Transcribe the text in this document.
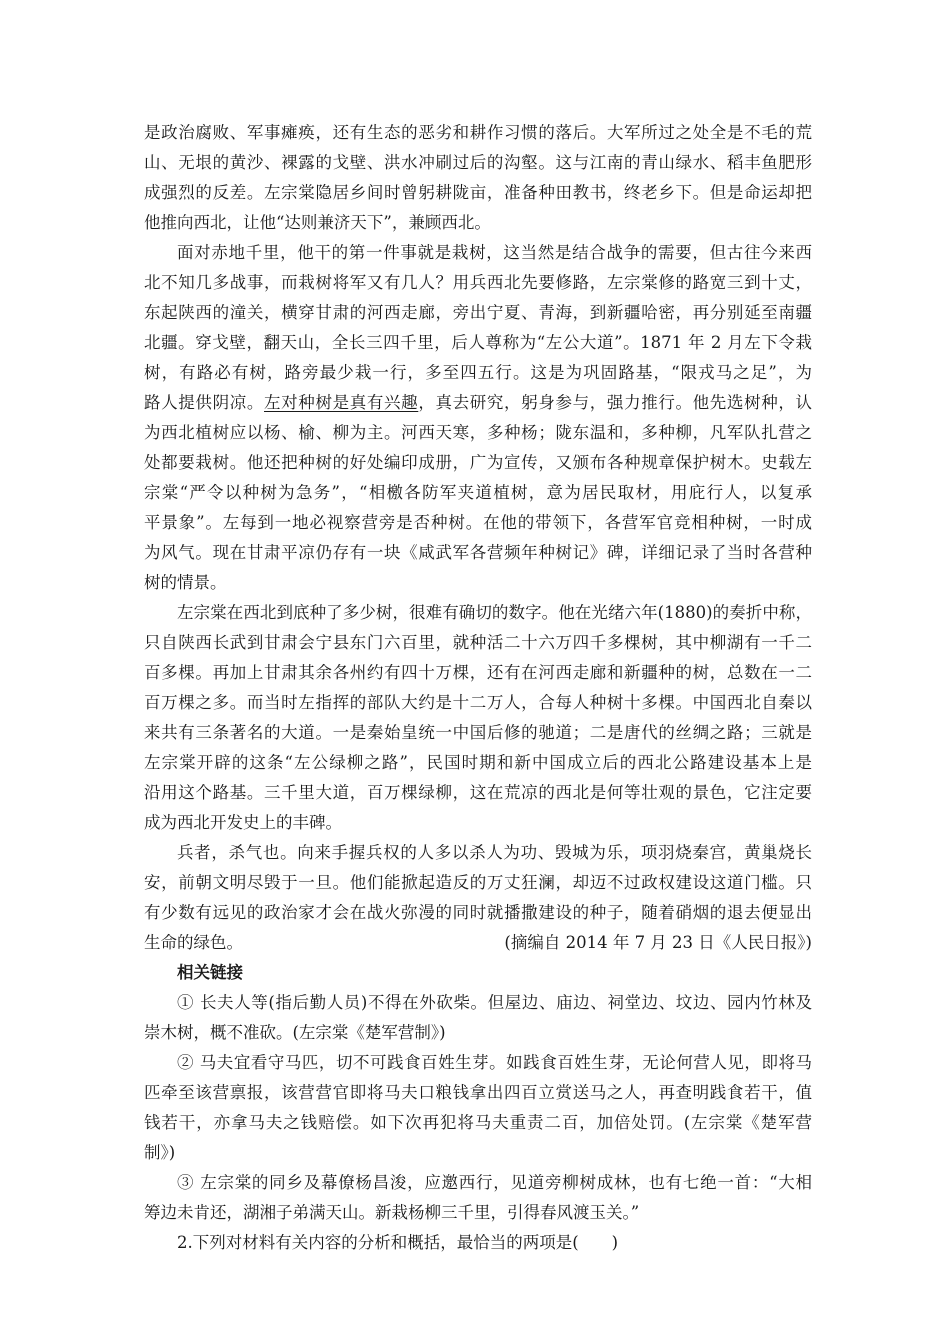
是政治腐败、军事瘫痪，还有生态的恶劣和耕作习惯的落后。大军所过之处全是不毛的荒
山、无垠的黄沙、裸露的戈壁、洪水冲刷过后的沟壑。这与江南的青山绿水、稻丰鱼肥形
成强烈的反差。左宗棠隐居乡间时曾躬耕陇亩，准备种田教书，终老乡下。但是命运却把
他推向西北，让他“达则兼济天下”，兼顾西北。
面对赤地千里，他干的第一件事就是栽树，这当然是结合战争的需要，但古往今来西
北不知几多战事，而栽树将军又有几人？用兵西北先要修路，左宗棠修的路宽三到十丈，
东起陕西的潼关，横穿甘肃的河西走廊，旁出宁夏、青海，到新疆哈密，再分别延至南疆
北疆。穿戈壁，翻天山，全长三四千里，后人尊称为“左公大道”。1871 年 2 月左下令栽
树，有路必有树，路旁最少栽一行，多至四五行。这是为巩固路基，“限戎马之足”，为
路人提供阴凉。左对种树是真有兴趣，真去研究，躬身参与，强力推行。他先选树种，认
为西北植树应以杨、榆、柳为主。河西天寒，多种杨；陇东温和，多种柳，凡军队扎营之
处都要栽树。他还把种树的好处编印成册，广为宣传，又颁布各种规章保护树木。史载左
宗棠“严令以种树为急务”，“相檄各防军夹道植树，意为居民取材，用庇行人，以复承
平景象”。左每到一地必视察营旁是否种树。在他的带领下，各营军官竞相种树，一时成
为风气。现在甘肃平凉仍存有一块《咸武军各营频年种树记》碑，详细记录了当时各营种
树的情景。
左宗棠在西北到底种了多少树，很难有确切的数字。他在光绪六年(1880)的奏折中称，
只自陕西长武到甘肃会宁县东门六百里，就种活二十六万四千多棵树，其中柳湖有一千二
百多棵。再加上甘肃其余各州约有四十万棵，还有在河西走廊和新疆种的树，总数在一二
百万棵之多。而当时左指挥的部队大约是十二万人，合每人种树十多棵。中国西北自秦以
来共有三条著名的大道。一是秦始皇统一中国后修的驰道；二是唐代的丝绸之路；三就是
左宗棠开辟的这条“左公绿柳之路”，民国时期和新中国成立后的西北公路建设基本上是
沿用这个路基。三千里大道，百万棵绿柳，这在荒凉的西北是何等壮观的景色，它注定要
成为西北开发史上的丰碑。
兵者，杀气也。向来手握兵权的人多以杀人为功、毁城为乐，项羽烧秦宫，黄巢烧长
安，前朝文明尽毁于一旦。他们能掀起造反的万丈狂澜，却迈不过政权建设这道门槛。只
有少数有远见的政治家才会在战火弥漫的同时就播撒建设的种子，随着硝烟的退去便显出
生命的绿色。	(摘编自 2014 年 7 月 23 日《人民日报》)
相关链接
① 长夫人等(指后勤人员)不得在外砍柴。但屋边、庙边、祠堂边、坟边、园内竹林及
崇木树，概不准砍。(左宗棠《楚军营制》)
② 马夫宜看守马匹，切不可践食百姓生芽。如践食百姓生芽，无论何营人见，即将马
匹牵至该营禀报，该营营官即将马夫口粮钱拿出四百立赏送马之人，再查明践食若干，值
钱若干，亦拿马夫之钱赔偿。如下次再犯将马夫重责二百，加倍处罚。(左宗棠《楚军营
制》)
③ 左宗棠的同乡及幕僚杨昌浚，应邀西行，见道旁柳树成林，也有七绝一首：“大相
筹边未肯还，湖湘子弟满天山。新栽杨柳三千里，引得春风渡玉关。”
2.下列对材料有关内容的分析和概括，最恰当的两项是(　　)
